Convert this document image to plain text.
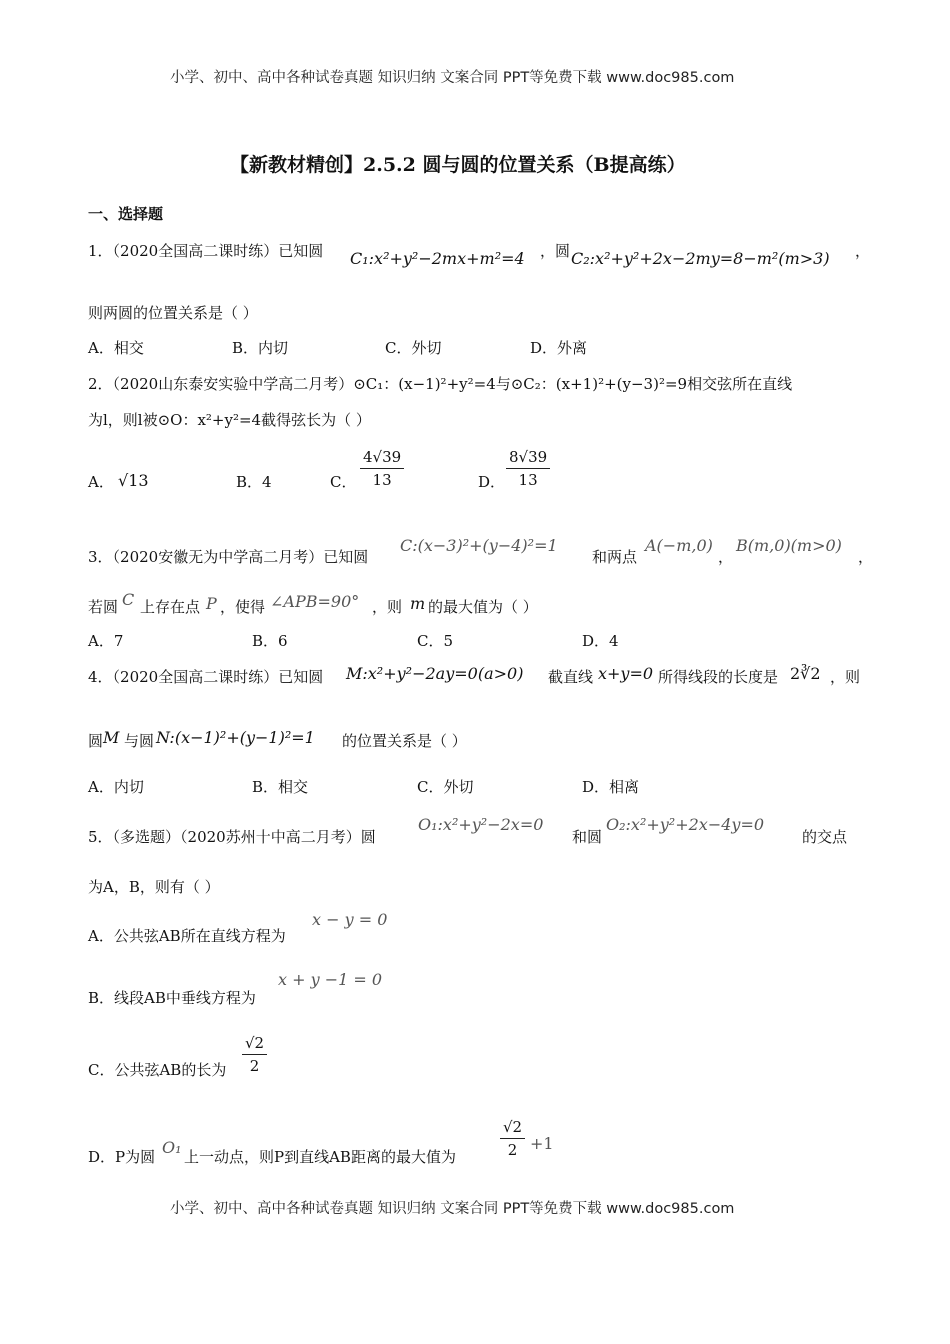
小学、初中、高中各种试卷真题 知识归纳 文案合同 PPT等免费下载 www.doc985.com
【新教材精创】2.5.2 圆与圆的位置关系（B提高练）
一、选择题
1．（2020全国高二课时练）已知圆 C₁:x²+y²−2mx+m²=4 ，圆 C₂:x²+y²+2x−2my=8−m²(m>3) ，
则两圆的位置关系是（ ）
A．相交	B．内切	C．外切	D．外离
2．（2020山东泰安实验中学高二月考）⊙C₁：(x−1)²+y²=4与⊙C₂：(x+1)²+(y−3)²=9相交弦所在直线
为l，则l被⊙O：x²+y²=4截得弦长为（ ）
A． √13	B．4	C． $\frac{4√39}{13}$	D． $\frac{8√39}{13}$
3．（2020安徽无为中学高二月考）已知圆
C:(x−3)²+(y−4)²=1
和两点
A(−m,0)
，
B(m,0)(m>0)
，
若圆 C 上存在点 P ，使得 ∠APB=90° ，则 m 的最大值为（ ）
A．7	B．6	C．5	D．4
4．（2020全国高二课时练）已知圆 M:x²+y²−2ay=0(a>0) 截直线 x+y=0 所得线段的长度是 2∛2 ，则
圆 M 与圆 N:(x−1)²+(y−1)²=1 的位置关系是（ ）
A．内切	B．相交	C．外切	D．相离
5．（多选题）（2020苏州十中高二月考）圆
O₁:x²+y²−2x=0
和圆
O₂:x²+y²+2x−4y=0
的交点
为A，B，则有（ ）
A．公共弦AB所在直线方程为
x − y = 0
B．线段AB中垂线方程为
x + y −1 = 0
C．公共弦AB的长为 $\frac{√2}{2}$
D．P为圆 O₁ 上一动点，则P到直线AB距离的最大值为	$\frac{√2}{2} +1$
小学、初中、高中各种试卷真题 知识归纳 文案合同 PPT等免费下载 www.doc985.com
